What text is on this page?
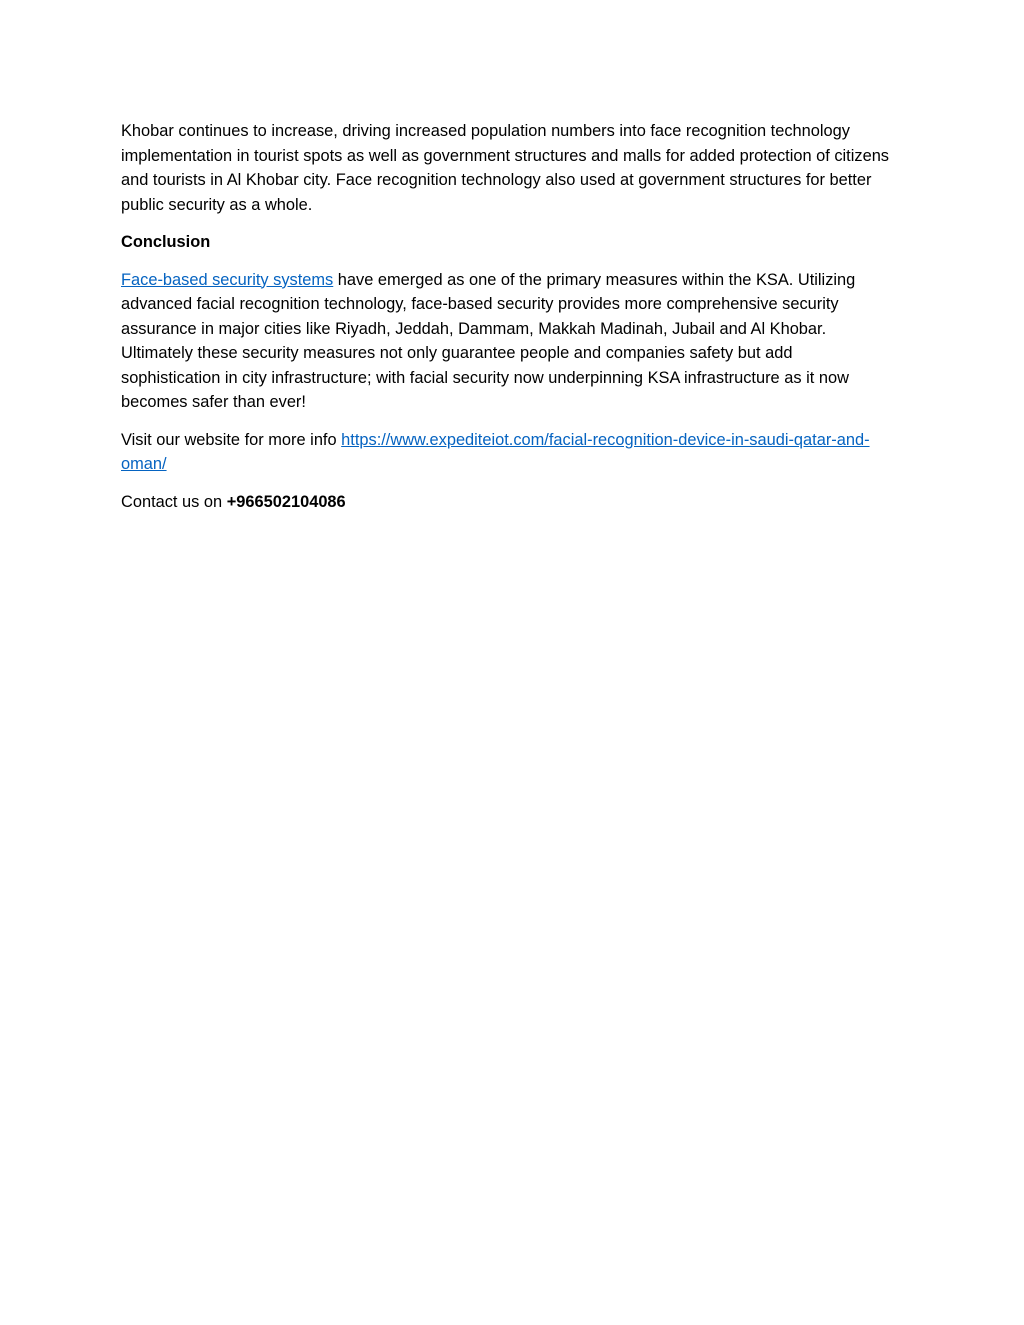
Khobar continues to increase, driving increased population numbers into face recognition technology implementation in tourist spots as well as government structures and malls for added protection of citizens and tourists in Al Khobar city. Face recognition technology also used at government structures for better public security as a whole.

Conclusion

Face-based security systems have emerged as one of the primary measures within the KSA. Utilizing advanced facial recognition technology, face-based security provides more comprehensive security assurance in major cities like Riyadh, Jeddah, Dammam, Makkah Madinah, Jubail and Al Khobar. Ultimately these security measures not only guarantee people and companies safety but add sophistication in city infrastructure; with facial security now underpinning KSA infrastructure as it now becomes safer than ever!

Visit our website for more info https://www.expediteiot.com/facial-recognition-device-in-saudi-qatar-and-oman/

Contact us on +966502104086
